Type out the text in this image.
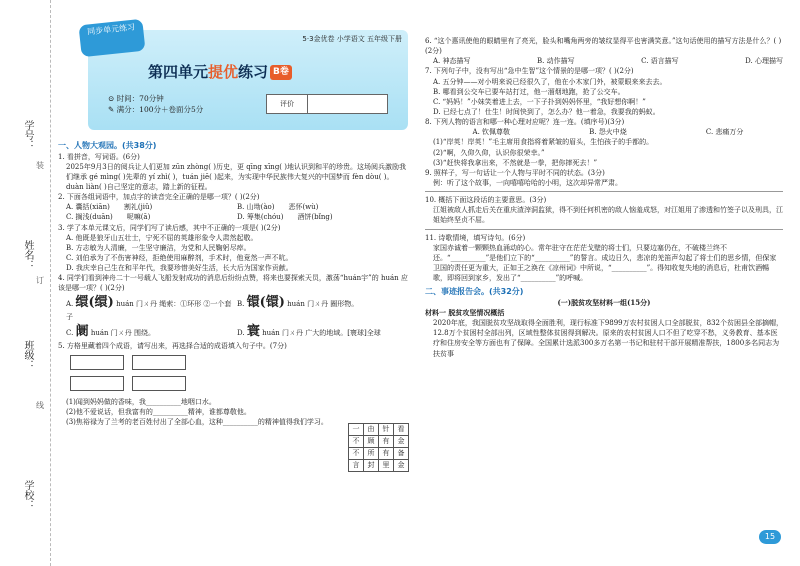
学校：
班级：
姓名：
学号：
装
订
线
同步单元练习
5·3金优卷 小学语文 五年级下册
第四单元提优练习 B卷
⊙ 时间：70分钟
✎ 满分：100分＋卷面分5分
评价
一、人物大观园。(共38分)

1. 看拼音，写词语。(6分)

2025年9月3日的阅兵让人们更加 zūn zhòng( )历史，更 qīng xīng( )地认识到和平的珍贵。这场阅兵激励我们继承 gé mìng( )先辈的 yí zhì( )，tuán jiē( )起来，为实现中华民族伟大复兴的中国梦而 fèn dòu( )。

duàn liàn( )自己坚定的意志，踏上新的征程。

2. 下面各组词语中，加点字的读音完全正确的是哪一项？( )(2分)

A. 囊括(xiān)　　割礼(jiǔ)	B. 山坳(ào)　　恶怀(wù)
C. 搁浅(duān)　　呢嘛(ā)	D. 筹集(chóu)　　酒饼(bǐng)

3. 学了本单元课文后，同学们写了读后感，其中不正确的一项是( )(2分)

A. 他既是狼牙山五壮士，宁死不屈的英雄形象令人肃然起敬。

B. 方志敏为人清廉，一生坚守廉洁，为党和人民鞠躬尽瘁。

C. 刘伯承为了不伤害神经，拒绝使用麻醉剂，手术时，他竟然一声不吭。

D. 我庆幸自己生在和平年代，我要珍惜美好生活，长大后为国家作贡献。

4. 同学们看到神舟二十一号载人飞船发射成功的消息后纷纷点赞，将来也要探索天员，激荡“huán宇”的 huán 应该是哪一项？( )(2分)

A. 缳(缳) huán 门ㄨ丹 绳索：①环形 ②一个套子
B. 镮(镮) huán 门ㄨ丹 圈形物。
C. 阛 huán 门ㄨ丹 围绕。	D. 寰 huán 门ㄨ丹 广大的地域。[寰球]全球

5. 方格里藏着四个成语，请写出来，再选择合适的成语填入句子中。(7分)

(1)闻到妈妈做的香味，我__________地咽口水。

(2)他不爱说话，但我富有的__________精神，谁都尊敬他。

(3)焦裕禄为了兰考的老百姓付出了全部心血，这种__________的精神值得我们学习。

一	由	针	看
不	顾	有	金
不	所	有	备
言	封	里	金

6. “这个惠讯使他的眼睛里有了亮光，脸头和嘴角两旁的皱纹显得平也害满笑意。”这句话使用的描写方法是什么？( )(2分)

A. 神态描写	B. 动作描写	C. 语言描写	D. 心理描写

7. 下列句子中，没有写出“急中生智”这个情景的是哪一项？( )(2分)

A. 五分钟——对小明来说已经很久了，他在小木家门外，被蒙眼来来去去。

B. 哪看到公交车已要车站打过，他一溜烟地跑，抢了公交车。

C. “妈妈！”小妹笑着进上去，一下子扑到妈妈怀里，“我好想你啊！”

D. 已经七点了！仕生！时间快到了，怎么办？他一着急，我要我的蚂蚁。

8. 下列人物的语言和哪一种心理对应呢？连一连。(填序号)(3分)

A. 钦佩尊敬	B. 怨火中烧	C. 悲痛万分

(1)“岸英！岸英！”毛主席用食指将着紧皱的眉头，生怕孩子的手都的。

(2)“啊，久仰久仰，认识你很荣幸。”

(3)“赶快将我拿出来，不然就是一拳，把你摔死去！”

9. 照样子，写一句话让一个人物与平时不同的状态。(3分)

例：听了这个故事，一向嘻嘻哈哈的小明，这次却异常严肃。

10. 概括下面这段话的主要意思。(3分)

江姐被敌人抓走后关在重庆渣滓洞监狱，得不到任何机密的敌人恼羞成怒，对江姐用了渗透和竹签子以及刑具，江姐始终坚贞不屈。

11. 诗歌情境，填写诗句。(6分)

家国赤诚着一颗颗热血涌动的心。常年驻守在茫茫戈壁的将士们，只要边塞仍在，不破楼兰终不还。“__________”是他们立下的“__________”的誓言。成边日久，悲凉的羌笛声勾起了将士们的思乡情，但保家卫国的责任更为重大，正如王之涣在《凉州词》中所说，“__________”。得知收复失地的消息后，杜甫饮酒暢歌，即将回到家乡，发出了“__________”的呼喊。

二、事迹报告会。(共32分)
(一)脱贫攻坚材料一组(15分)

材料一 脱贫攻坚情况概括

2020年底，我国脱贫攻坚战取得全面胜利，现行标准下9899万农村贫困人口全部脱贫，832个贫困县全部摘帽，12.8万个贫困村全部出列，区域性整体贫困得到解决。原来的农村贫困人口不但了吃穿不愁，义务教育、基本医疗和住房安全等方面也有了保障。全国累计选派300多万名第一书记和驻村干部开展精准帮扶，1800多名同志为扶贫事

15
